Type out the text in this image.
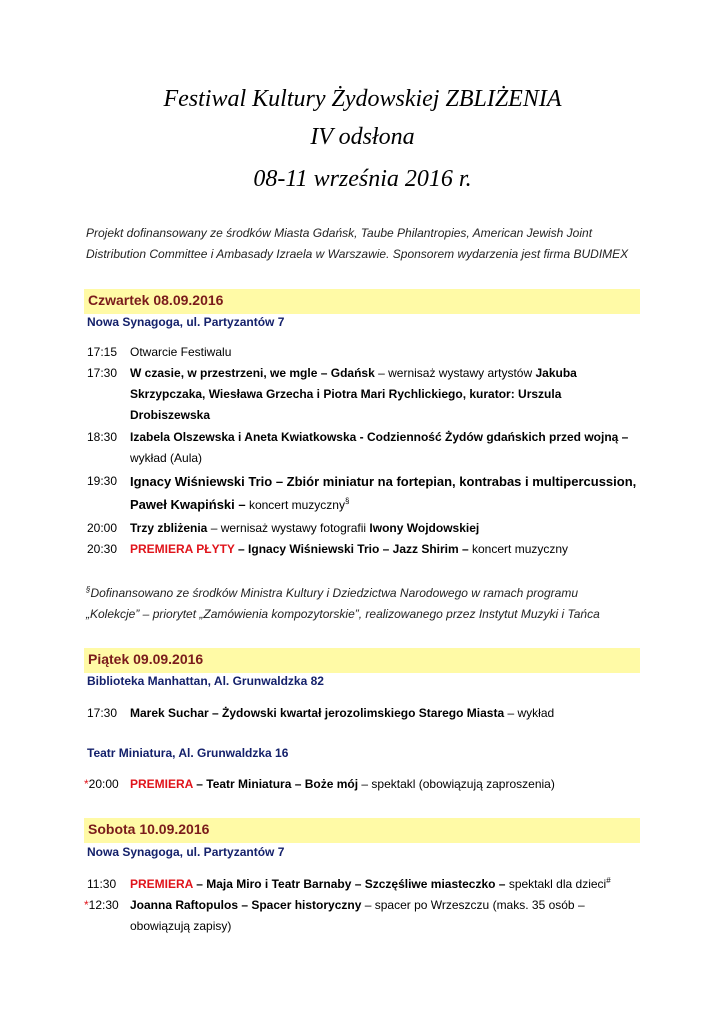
Festiwal Kultury Żydowskiej ZBLIŻENIA
IV odsłona
08-11 września 2016 r.
Projekt dofinansowany ze środków Miasta Gdańsk, Taube Philantropies, American Jewish Joint
Distribution Committee i Ambasady Izraela w Warszawie. Sponsorem wydarzenia jest firma BUDIMEX
Czwartek 08.09.2016
Nowa Synagoga, ul. Partyzantów 7
17:15	Otwarcie Festiwalu
17:30	W czasie, w przestrzeni, we mgle – Gdańsk – wernisaż wystawy artystów Jakuba
Skrzypczaka, Wiesława Grzecha i Piotra Mari Rychlickiego, kurator: Urszula
Drobiszewska
18:30	Izabela Olszewska i Aneta Kwiatkowska - Codzienność Żydów gdańskich przed wojną –
wykład (Aula)
19:30 Ignacy Wiśniewski Trio – Zbiór miniatur na fortepian, kontrabas i multipercussion,
Paweł Kwapiński – koncert muzyczny§
20:00	Trzy zbliżenia – wernisaż wystawy fotografii Iwony Wojdowskiej
20:30	PREMIERA PŁYTY – Ignacy Wiśniewski Trio – Jazz Shirim – koncert muzyczny
§Dofinansowano ze środków Ministra Kultury i Dziedzictwa Narodowego w ramach programu
„Kolekcje” – priorytet „Zamówienia kompozytorskie”, realizowanego przez Instytut Muzyki i Tańca
Piątek 09.09.2016
Biblioteka Manhattan, Al. Grunwaldzka 82
17:30	Marek Suchar – Żydowski kwartał jerozolimskiego Starego Miasta – wykład
Teatr Miniatura, Al. Grunwaldzka 16
*20:00 PREMIERA – Teatr Miniatura – Boże mój – spektakl (obowiązują zaproszenia)
Sobota 10.09.2016
Nowa Synagoga, ul. Partyzantów 7
11:30	PREMIERA – Maja Miro i Teatr Barnaby – Szczęśliwe miasteczko – spektakl dla dzieci#
*12:30 Joanna Raftopulos – Spacer historyczny – spacer po Wrzeszczu (maks. 35 osób –
obowiązują zapisy)
